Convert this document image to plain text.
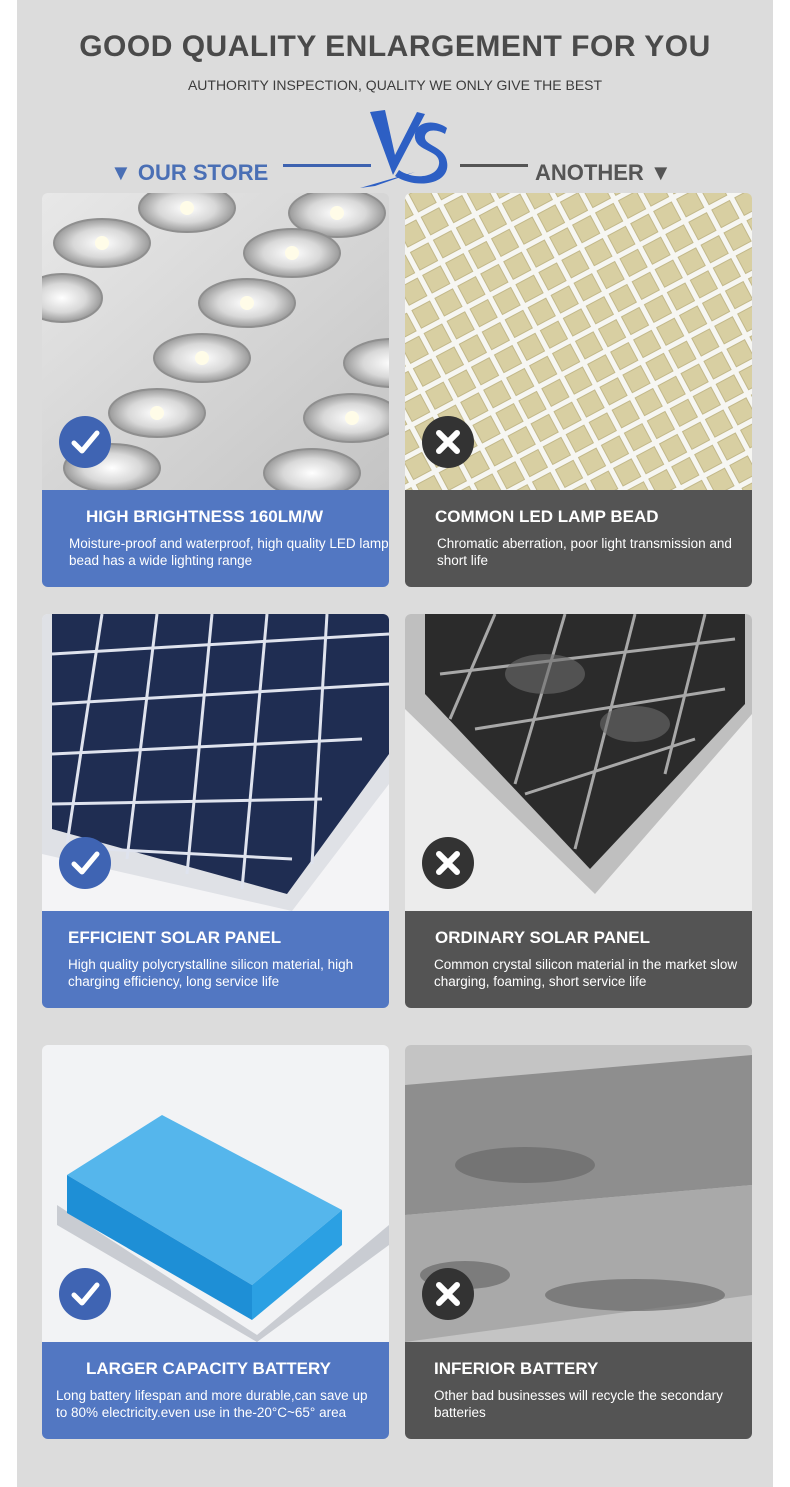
GOOD QUALITY ENLARGEMENT FOR YOU
AUTHORITY INSPECTION, QUALITY WE ONLY GIVE THE BEST
▼ OUR STORE	ANOTHER ▼
HIGH BRIGHTNESS 160LM/W
Moisture-proof and waterproof, high quality LED lamp bead has a wide lighting range
COMMON LED LAMP BEAD
Chromatic aberration, poor light transmission and short life
EFFICIENT SOLAR PANEL
High quality polycrystalline silicon material, high charging efficiency, long service life
ORDINARY SOLAR PANEL
Common crystal silicon material in the market slow charging, foaming, short service life
LARGER CAPACITY BATTERY
Long battery lifespan and more durable,can save up to 80% electricity.even use in the-20°C~65° area
INFERIOR BATTERY
Other bad businesses will recycle the secondary batteries
